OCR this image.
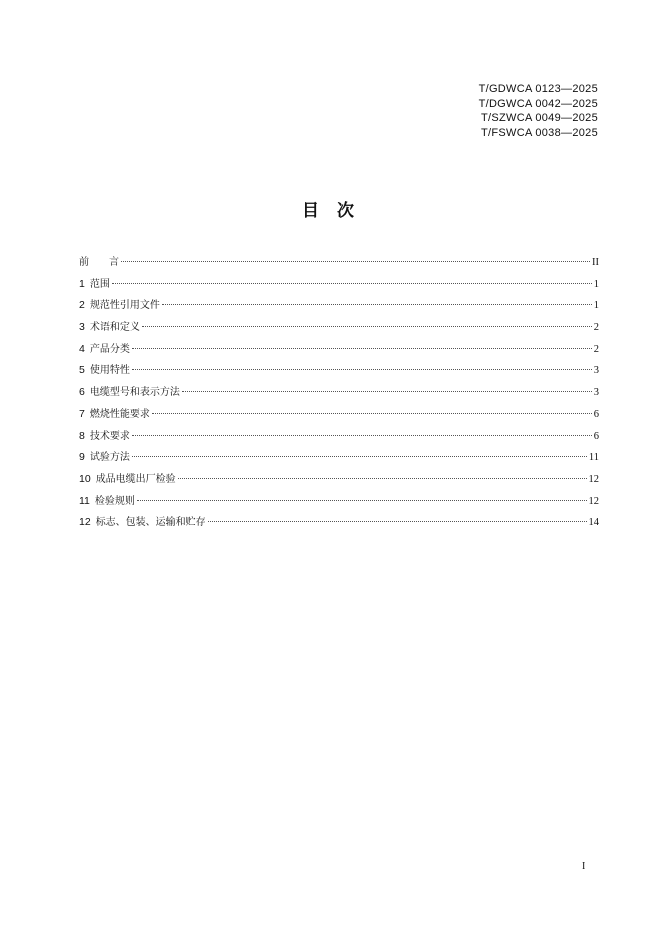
T/GDWCA 0123—2025
T/DGWCA 0042—2025
T/SZWCA 0049—2025
T/FSWCA 0038—2025
目 次
前　　言	II
1 范围	1
2 规范性引用文件	1
3 术语和定义	2
4 产品分类	2
5 使用特性	3
6 电缆型号和表示方法	3
7 燃烧性能要求	6
8 技术要求	6
9 试验方法	11
10 成品电缆出厂检验	12
11 检验规则	12
12 标志、包装、运输和贮存	14
I
